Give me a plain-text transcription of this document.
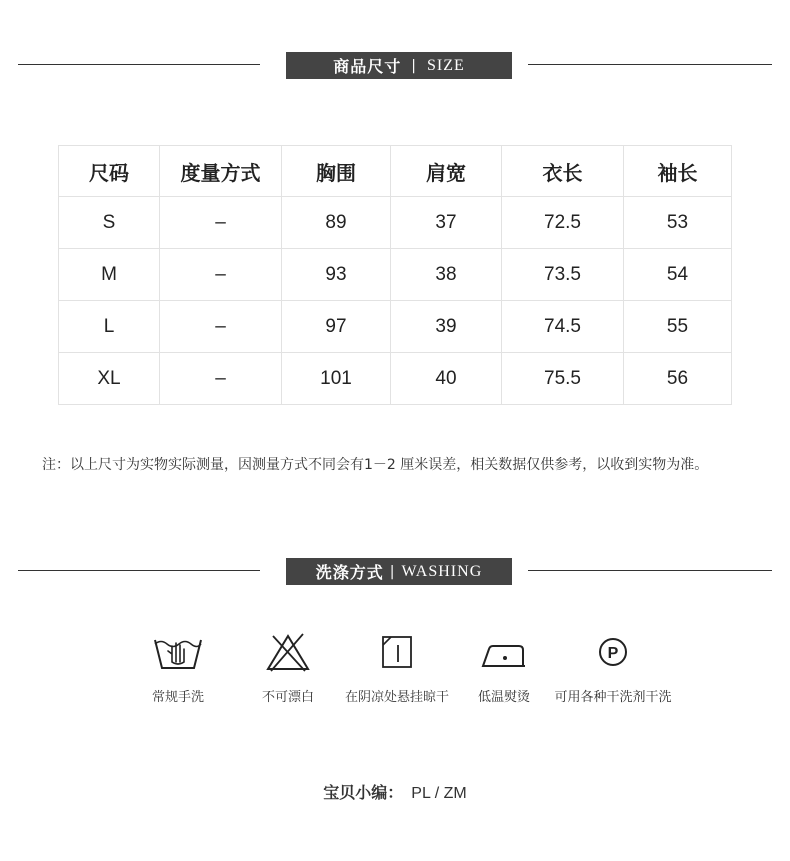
商品尺寸 | SIZE
尺码	度量方式	胸围	肩宽	衣长	袖长
S	–	89	37	72.5	53
M	–	93	38	73.5	54
L	–	97	39	74.5	55
XL	–	101	40	75.5	56
注：以上尺寸为实物实际测量，因测量方式不同会有1－2 厘米误差，相关数据仅供参考，以收到实物为准。
洗涤方式 | WASHING
常规手洗	不可漂白	在阴凉处悬挂晾干	低温熨烫
P
可用各种干洗剂干洗
宝贝小编： PL / ZM
